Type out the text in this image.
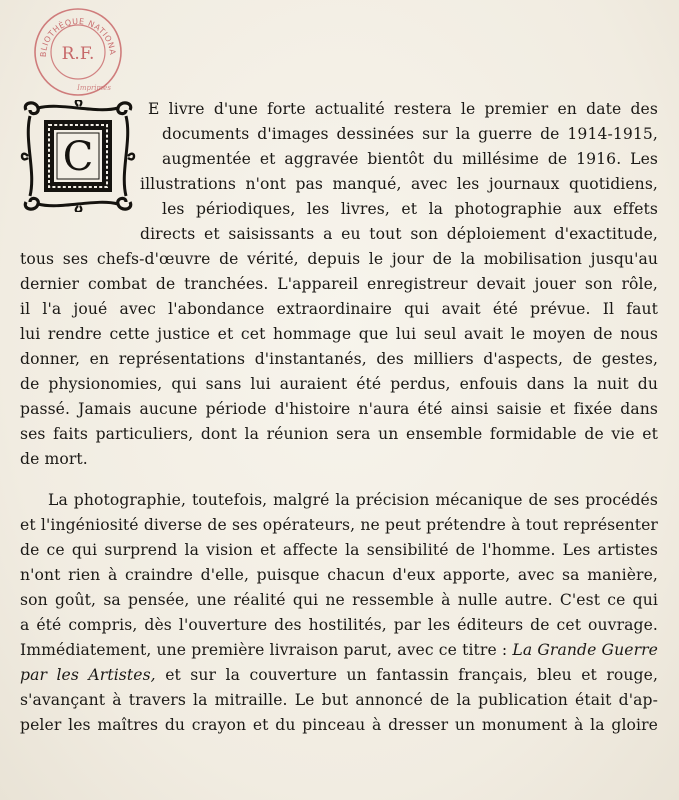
BLIOTHÈQUE NATIONA
R.F.
Imprimés
C
E livre d'une forte actualité restera le premier en date des
documents d'images dessinées sur la guerre de 1914-1915,
augmentée et aggravée bientôt du millésime de 1916. Les
illustrations n'ont pas manqué, avec les journaux quotidiens,
les périodiques, les livres, et la photographie aux effets
directs et saisissants a eu tout son déploiement d'exactitude,
tous ses chefs-d'œuvre de vérité, depuis le jour de la mobilisation jusqu'au
dernier combat de tranchées. L'appareil enregistreur devait jouer son rôle,
il l'a joué avec l'abondance extraordinaire qui avait été prévue. Il faut
lui rendre cette justice et cet hommage que lui seul avait le moyen de nous
donner, en représentations d'instantanés, des milliers d'aspects, de gestes,
de physionomies, qui sans lui auraient été perdus, enfouis dans la nuit du
passé. Jamais aucune période d'histoire n'aura été ainsi saisie et fixée dans
ses faits particuliers, dont la réunion sera un ensemble formidable de vie et
de mort.
La photographie, toutefois, malgré la précision mécanique de ses procédés
et l'ingéniosité diverse de ses opérateurs, ne peut prétendre à tout représenter
de ce qui surprend la vision et affecte la sensibilité de l'homme. Les artistes
n'ont rien à craindre d'elle, puisque chacun d'eux apporte, avec sa manière,
son goût, sa pensée, une réalité qui ne ressemble à nulle autre. C'est ce qui
a été compris, dès l'ouverture des hostilités, par les éditeurs de cet ouvrage.
Immédiatement, une première livraison parut, avec ce titre : La Grande Guerre
par les Artistes, et sur la couverture un fantassin français, bleu et rouge,
s'avançant à travers la mitraille. Le but annoncé de la publication était d'ap-
peler les maîtres du crayon et du pinceau à dresser un monument à la gloire
